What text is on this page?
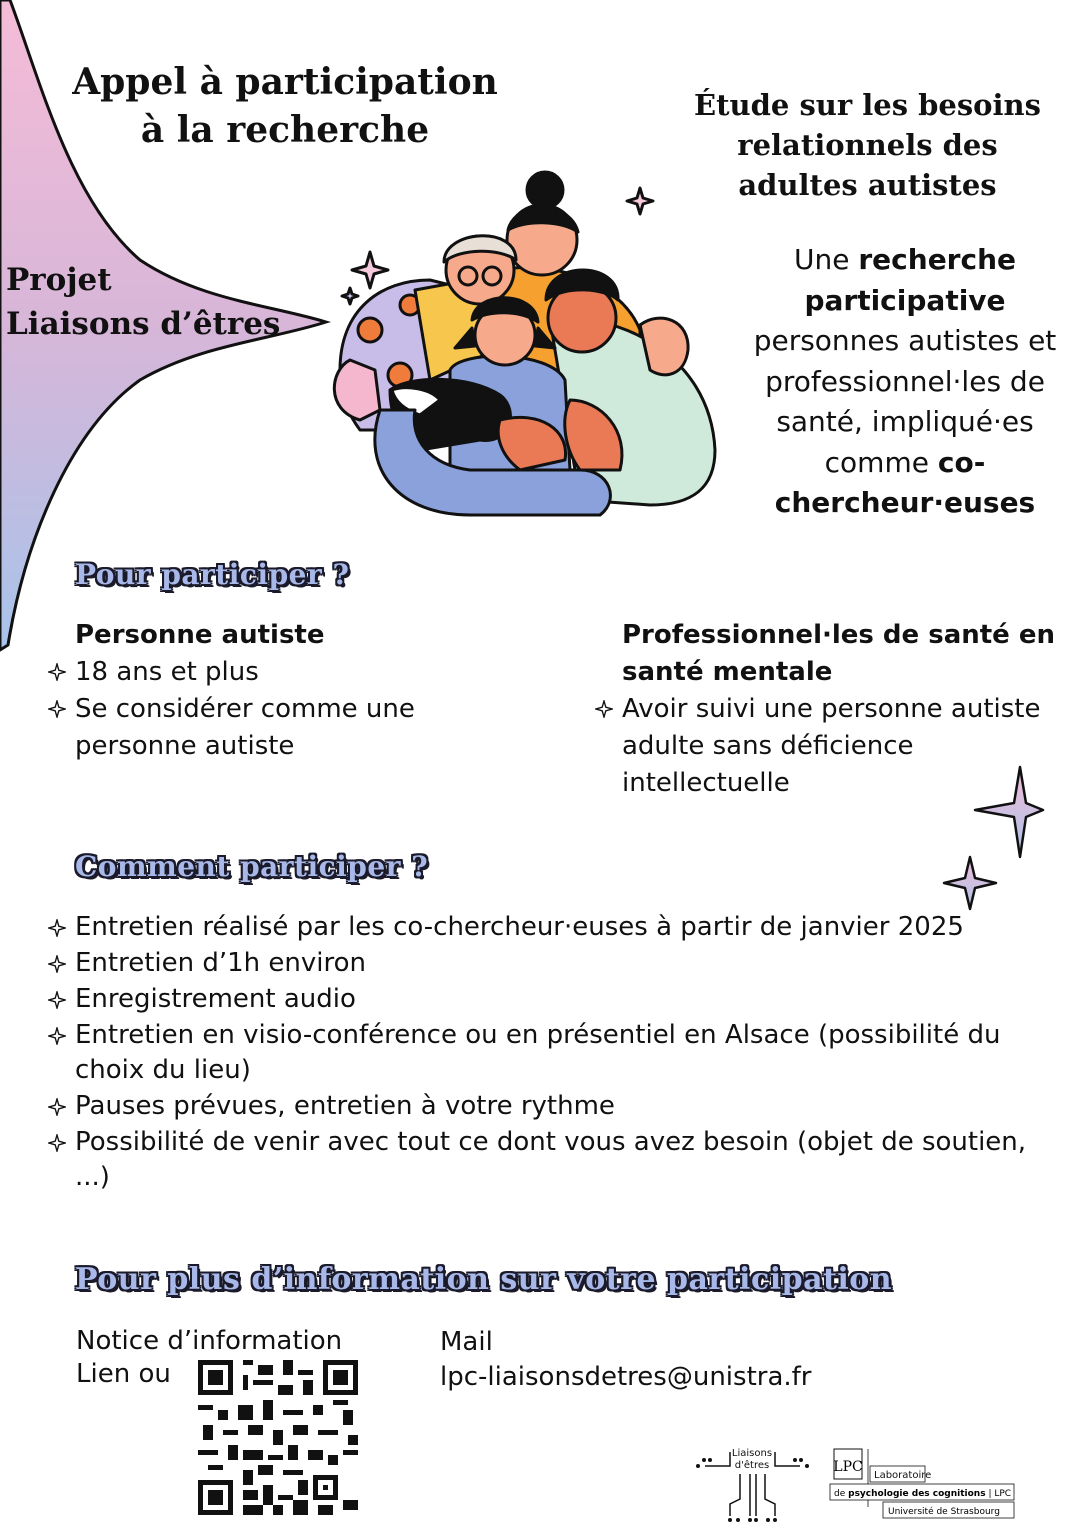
Appel à participation
à la recherche
Étude sur les besoins
relationnels des
adultes autistes
Projet
Liaisons d’êtres
Une recherche participative personnes autistes et professionnel·les de santé, impliqué·es comme co-chercheur·euses
Pour participer ?
Personne autiste
18 ans et plus
Se considérer comme une personne autiste
Professionnel·les de santé en santé mentale
Avoir suivi une personne autiste adulte sans déficience intellectuelle
Comment participer ?
Entretien réalisé par les co-chercheur·euses à partir de janvier 2025
Entretien d’1h environ
Enregistrement audio
Entretien en visio-conférence ou en présentiel en Alsace (possibilité du choix du lieu)
Pauses prévues, entretien à votre rythme
Possibilité de venir avec tout ce dont vous avez besoin (objet de soutien, ...)
Pour plus d’information sur votre participation
Notice d’information
Lien ou
Mail
lpc-liaisonsdetres@unistra.fr
Liaisons
d'êtres	LPC
Laboratoire
de psychologie des cognitions | LPC
Université de Strasbourg
